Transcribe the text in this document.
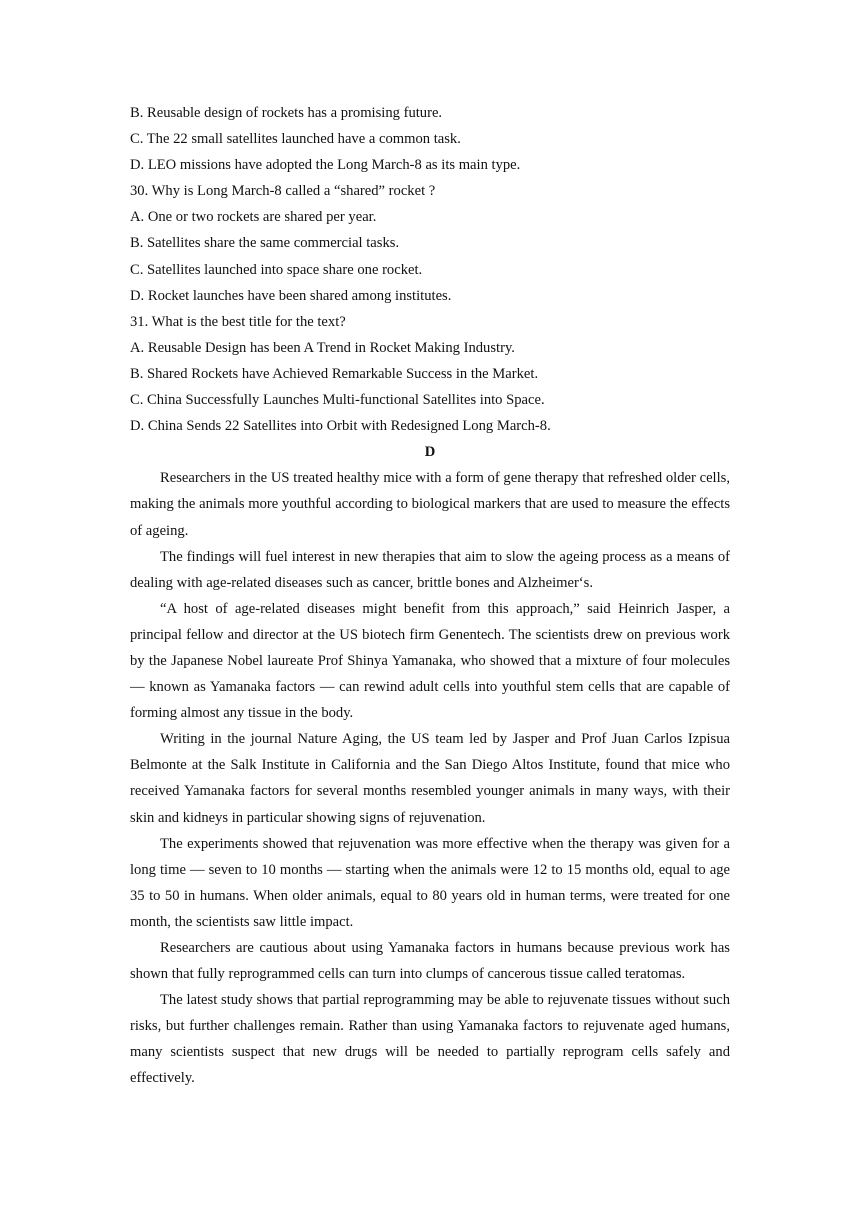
B. Reusable design of rockets has a promising future.
C. The 22 small satellites launched have a common task.
D. LEO missions have adopted the Long March-8 as its main type.
30. Why is Long March-8 called a “shared” rocket ?
A. One or two rockets are shared per year.
B. Satellites share the same commercial tasks.
C. Satellites launched into space share one rocket.
D. Rocket launches have been shared among institutes.
31. What is the best title for the text?
A. Reusable Design has been A Trend in Rocket Making Industry.
B. Shared Rockets have Achieved Remarkable Success in the Market.
C. China Successfully Launches Multi-functional Satellites into Space.
D. China Sends 22 Satellites into Orbit with Redesigned Long March-8.
D
Researchers in the US treated healthy mice with a form of gene therapy that refreshed older cells, making the animals more youthful according to biological markers that are used to measure the effects of ageing.
The findings will fuel interest in new therapies that aim to slow the ageing process as a means of dealing with age-related diseases such as cancer, brittle bones and Alzheimer‘s.
“A host of age-related diseases might benefit from this approach,” said Heinrich Jasper, a principal fellow and director at the US biotech firm Genentech. The scientists drew on previous work by the Japanese Nobel laureate Prof Shinya Yamanaka, who showed that a mixture of four molecules — known as Yamanaka factors — can rewind adult cells into youthful stem cells that are capable of forming almost any tissue in the body.
Writing in the journal Nature Aging, the US team led by Jasper and Prof Juan Carlos Izpisua Belmonte at the Salk Institute in California and the San Diego Altos Institute, found that mice who received Yamanaka factors for several months resembled younger animals in many ways, with their skin and kidneys in particular showing signs of rejuvenation.
The experiments showed that rejuvenation was more effective when the therapy was given for a long time — seven to 10 months — starting when the animals were 12 to 15 months old, equal to age 35 to 50 in humans. When older animals, equal to 80 years old in human terms, were treated for one month, the scientists saw little impact.
Researchers are cautious about using Yamanaka factors in humans because previous work has shown that fully reprogrammed cells can turn into clumps of cancerous tissue called teratomas.
The latest study shows that partial reprogramming may be able to rejuvenate tissues without such risks, but further challenges remain. Rather than using Yamanaka factors to rejuvenate aged humans, many scientists suspect that new drugs will be needed to partially reprogram cells safely and effectively.
